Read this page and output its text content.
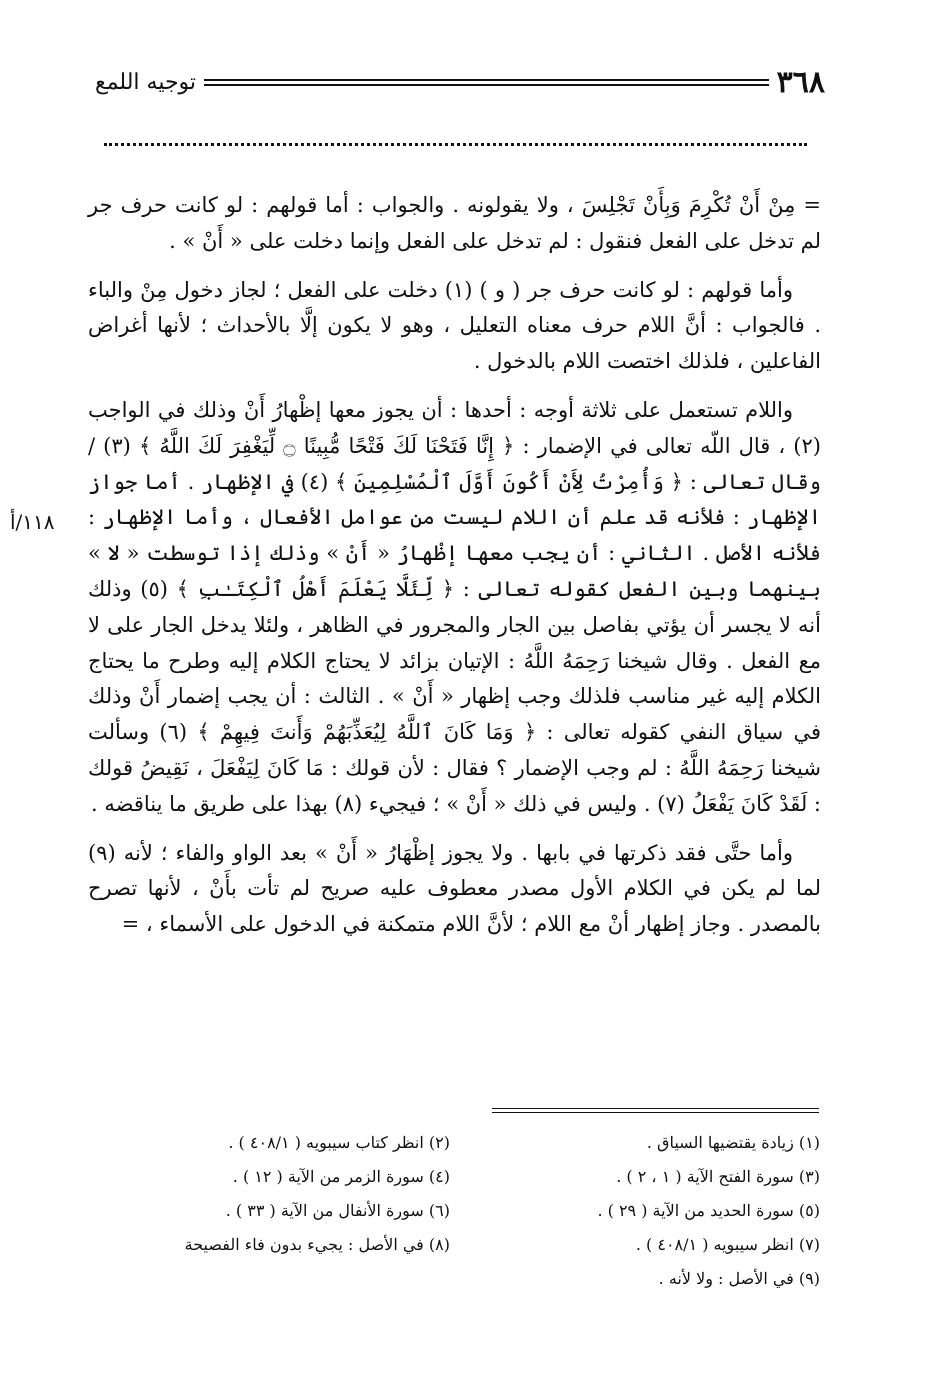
٣٦٨
توجيه اللمع

= مِنْ أَنْ تُكْرِمَ وَبِأَنْ تَجْلِسَ ، ولا يقولونه . والجواب : أما قولهم : لو كانت حرف جر لم تدخل على الفعل فنقول : لم تدخل على الفعل وإنما دخلت على « أَنْ » .

وأما قولهم : لو كانت حرف جر ( و ) (١) دخلت على الفعل ؛ لجاز دخول مِنْ والباء . فالجواب : أنَّ اللام حرف معناه التعليل ، وهو لا يكون إلَّا بالأحداث ؛ لأنها أغراض الفاعلين ، فلذلك اختصت اللام بالدخول .

واللام تستعمل على ثلاثة أوجه : أحدها : أن يجوز معها إظْهارُ أَنْ وذلك في الواجب (٢) ، قال اللّه تعالى في الإضمار : ﴿ إِنَّا فَتَحْنَا لَكَ فَتْحًا مُّبِينًا ۝ لِّيَغْفِرَ لَكَ اللَّهُ ﴾ (٣) / وقال تعالى : ﴿ وَأُمِرْتُ لِأَنْ أَكُونَ أَوَّلَ ٱلْمُسْلِمِينَ ﴾ (٤) في الإظهار . أما جواز الإظهار : فلأنه قد علم أن اللام ليست من عوامل الأفعال ، وأما الإظهار : فلأنه الأصل . الثاني : أن يجب معها إظْهارُ « أَنْ » وذلك إذا توسطت « لا » بينهما وبين الفعل كقوله تعالى : ﴿ لِّئَلَّا يَعْلَمَ أَهْلُ ٱلْكِتَـٰبِ ﴾ (٥) وذلك أنه لا يجسر أن يؤتي بفاصل بين الجار والمجرور في الظاهر ، ولئلا يدخل الجار على لا مع الفعل . وقال شيخنا رَحِمَهُ اللَّهُ : الإتيان بزائد لا يحتاج الكلام إليه وطرح ما يحتاج الكلام إليه غير مناسب فلذلك وجب إظهار « أَنْ » . الثالث : أن يجب إضمار أَنْ وذلك في سياق النفي كقوله تعالى : ﴿ وَمَا كَانَ ٱللَّهُ لِيُعَذِّبَهُمْ وَأَنتَ فِيهِمْ ﴾ (٦) وسألت شيخنا رَحِمَهُ اللَّهُ : لم وجب الإضمار ؟ فقال : لأن قولك : مَا كَانَ لِيَفْعَلَ ، نَقِيضُ قولك : لَقَدْ كَانَ يَفْعَلُ (٧) . وليس في ذلك « أَنْ » ؛ فيجيء (٨) بهذا على طريق ما يناقضه .

وأما حتَّى فقد ذكرتها في بابها . ولا يجوز إظْهَارُ « أَنْ » بعد الواو والفاء ؛ لأنه (٩) لما لم يكن في الكلام الأول مصدر معطوف عليه صريح لم تأت بأَنْ ، لأنها تصرح بالمصدر . وجاز إظهار أنْ مع اللام ؛ لأنَّ اللام متمكنة في الدخول على الأسماء ، =

١١٨/أ
(١) زيادة يقتضيها السياق .
(٢) انظر كتاب سيبويه ( ٤٠٨/١ ) .
(٣) سورة الفتح الآية ( ١ ، ٢ ) .
(٤) سورة الزمر من الآية ( ١٢ ) .
(٥) سورة الحديد من الآية ( ٢٩ ) .
(٦) سورة الأنفال من الآية ( ٣٣ ) .
(٧) انظر سيبويه ( ٤٠٨/١ ) .
(٨) في الأصل : يجيء بدون فاء الفصيحة
(٩) في الأصل : ولا لأنه .
